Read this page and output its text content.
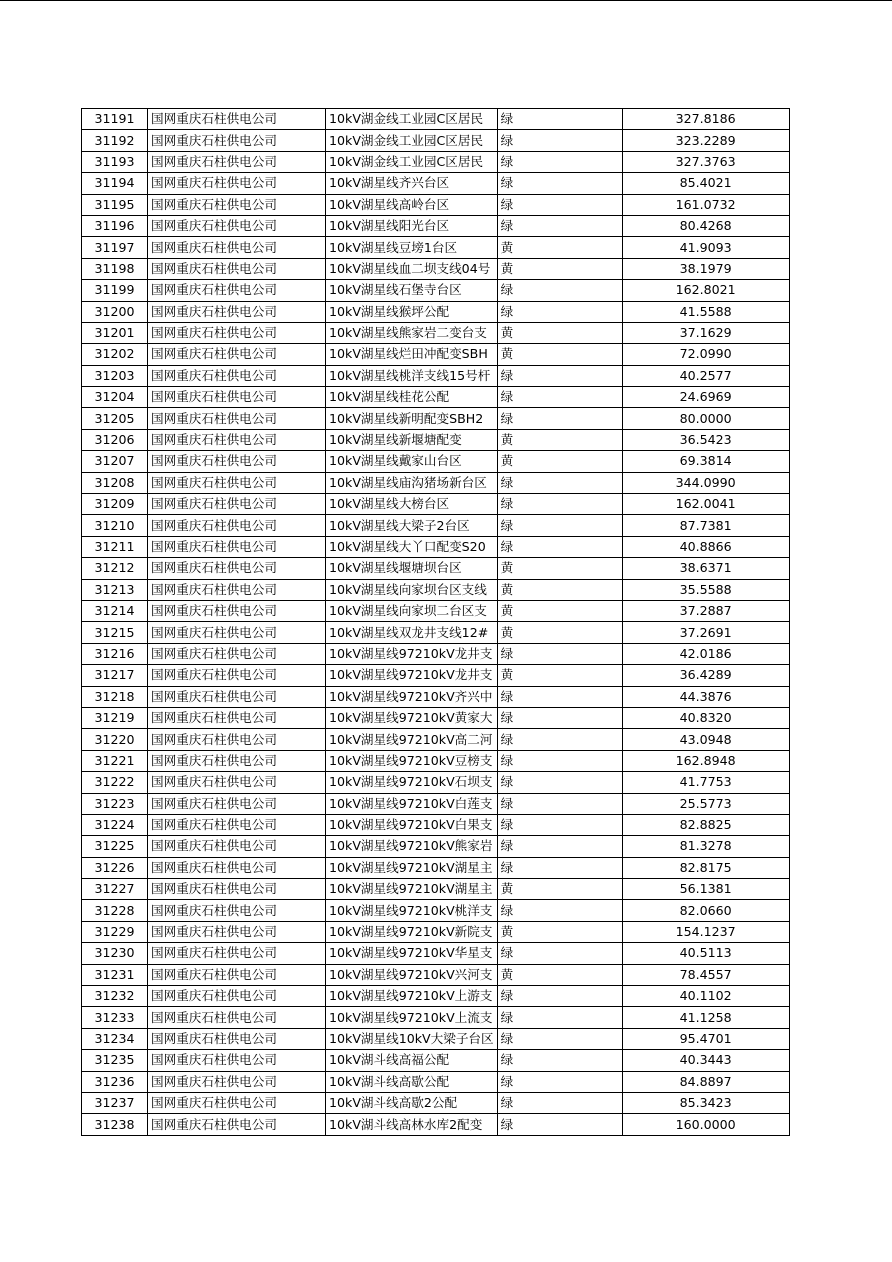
31191	国网重庆石柱供电公司	10kV湖金线工业园C区居民	绿	327.8186
31192	国网重庆石柱供电公司	10kV湖金线工业园C区居民	绿	323.2289
31193	国网重庆石柱供电公司	10kV湖金线工业园C区居民	绿	327.3763
31194	国网重庆石柱供电公司	10kV湖星线齐兴台区	绿	85.4021
31195	国网重庆石柱供电公司	10kV湖星线高岭台区	绿	161.0732
31196	国网重庆石柱供电公司	10kV湖星线阳光台区	绿	80.4268
31197	国网重庆石柱供电公司	10kV湖星线豆塝1台区	黄	41.9093
31198	国网重庆石柱供电公司	10kV湖星线血二坝支线04号	黄	38.1979
31199	国网重庆石柱供电公司	10kV湖星线石堡寺台区	绿	162.8021
31200	国网重庆石柱供电公司	10kV湖星线猴坪公配	绿	41.5588
31201	国网重庆石柱供电公司	10kV湖星线熊家岩二变台支	黄	37.1629
31202	国网重庆石柱供电公司	10kV湖星线烂田冲配变SBH	黄	72.0990
31203	国网重庆石柱供电公司	10kV湖星线桃洋支线15号杆	绿	40.2577
31204	国网重庆石柱供电公司	10kV湖星线桂花公配	绿	24.6969
31205	国网重庆石柱供电公司	10kV湖星线新明配变SBH2	绿	80.0000
31206	国网重庆石柱供电公司	10kV湖星线新堰塘配变	黄	36.5423
31207	国网重庆石柱供电公司	10kV湖星线戴家山台区	黄	69.3814
31208	国网重庆石柱供电公司	10kV湖星线庙沟猪场新台区	绿	344.0990
31209	国网重庆石柱供电公司	10kV湖星线大榜台区	绿	162.0041
31210	国网重庆石柱供电公司	10kV湖星线大梁子2台区	绿	87.7381
31211	国网重庆石柱供电公司	10kV湖星线大丫口配变S20	绿	40.8866
31212	国网重庆石柱供电公司	10kV湖星线堰塘坝台区	黄	38.6371
31213	国网重庆石柱供电公司	10kV湖星线向家坝台区支线	黄	35.5588
31214	国网重庆石柱供电公司	10kV湖星线向家坝二台区支	黄	37.2887
31215	国网重庆石柱供电公司	10kV湖星线双龙井支线12#	黄	37.2691
31216	国网重庆石柱供电公司	10kV湖星线97210kV龙井支	绿	42.0186
31217	国网重庆石柱供电公司	10kV湖星线97210kV龙井支	黄	36.4289
31218	国网重庆石柱供电公司	10kV湖星线97210kV齐兴中	绿	44.3876
31219	国网重庆石柱供电公司	10kV湖星线97210kV黄家大	绿	40.8320
31220	国网重庆石柱供电公司	10kV湖星线97210kV高二河	绿	43.0948
31221	国网重庆石柱供电公司	10kV湖星线97210kV豆榜支	绿	162.8948
31222	国网重庆石柱供电公司	10kV湖星线97210kV石坝支	绿	41.7753
31223	国网重庆石柱供电公司	10kV湖星线97210kV白莲支	绿	25.5773
31224	国网重庆石柱供电公司	10kV湖星线97210kV白果支	绿	82.8825
31225	国网重庆石柱供电公司	10kV湖星线97210kV熊家岩	绿	81.3278
31226	国网重庆石柱供电公司	10kV湖星线97210kV湖星主	绿	82.8175
31227	国网重庆石柱供电公司	10kV湖星线97210kV湖星主	黄	56.1381
31228	国网重庆石柱供电公司	10kV湖星线97210kV桃洋支	绿	82.0660
31229	国网重庆石柱供电公司	10kV湖星线97210kV新院支	黄	154.1237
31230	国网重庆石柱供电公司	10kV湖星线97210kV华星支	绿	40.5113
31231	国网重庆石柱供电公司	10kV湖星线97210kV兴河支	黄	78.4557
31232	国网重庆石柱供电公司	10kV湖星线97210kV上游支	绿	40.1102
31233	国网重庆石柱供电公司	10kV湖星线97210kV上流支	绿	41.1258
31234	国网重庆石柱供电公司	10kV湖星线10kV大梁子台区	绿	95.4701
31235	国网重庆石柱供电公司	10kV湖斗线高福公配	绿	40.3443
31236	国网重庆石柱供电公司	10kV湖斗线高歇公配	绿	84.8897
31237	国网重庆石柱供电公司	10kV湖斗线高歇2公配	绿	85.3423
31238	国网重庆石柱供电公司	10kV湖斗线高林水库2配变	绿	160.0000
